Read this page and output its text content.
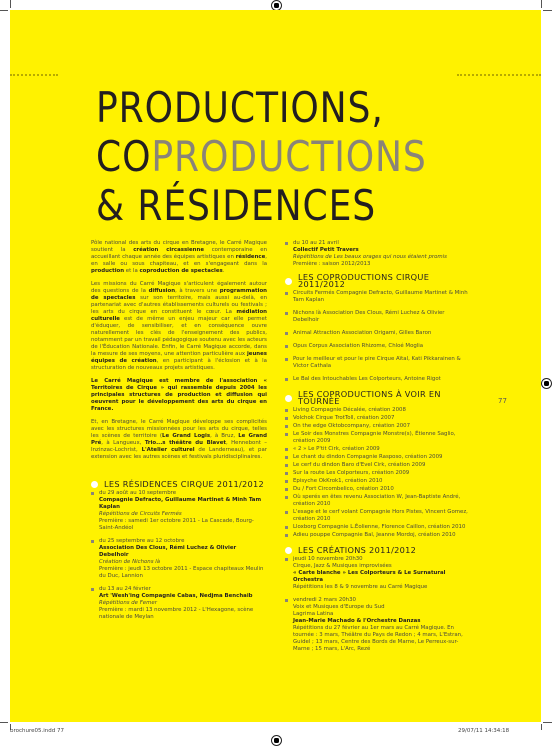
PRODUCTIONS,
COPRODUCTIONS
& RÉSIDENCES
77

Pôle national des arts du cirque en Bretagne, le Carré Magique soutient la création circassienne contemporaine en accueillant chaque année des équipes artistiques en résidence, en salle ou sous chapiteau, et en s'engageant dans la production et la coproduction de spectacles.

Les missions du Carré Magique s'articulent également autour des questions de la diffusion, à travers une programmation de spectacles sur son territoire, mais aussi au-delà, en partenariat avec d'autres établissements culturels ou festivals ; les arts du cirque en constituent le cœur. La médiation culturelle est de même un enjeu majeur car elle permet d'éduquer, de sensibiliser, et en conséquence ouvre naturellement les clés de l'enseignement des publics, notamment par un travail pédagogique soutenu avec les acteurs de l'Éducation Nationale. Enfin, le Carré Magique accorde, dans la mesure de ses moyens, une attention particulière aux jeunes équipes de création, en participant à l'éclosion et à la structuration de nouveaux projets artistiques.

Le Carré Magique est membre de l'association « Territoires de Cirque » qui rassemble depuis 2004 les principales structures de production et diffusion qui oeuvrent pour le développement des arts du cirque en France.

Et, en Bretagne, le Carré Magique développe ses complicités avec les structures missionnées pour les arts du cirque, telles les scènes de territoire (Le Grand Logis, à Bruz, Le Grand Pré, à Langueux, Trio...s théâtre du Blavet, Hennebont – Inzinzac-Lochrist, L'Atelier culturel de Landerneau), et par extension avec les autres scènes et festivals pluridisciplinaires.

LES RÉSIDENCES CIRQUE 2011/2012
du 29 août au 10 septembre
Compagnie Defracto, Guillaume Martinet & Minh Tam Kaplan
Répétitions de Circuits Fermés
Première : samedi 1er octobre 2011 - La Cascade, Bourg-Saint-Andéol
du 25 septembre au 12 octobre
Association Des Clous, Rémi Luchez & Olivier Debelhoir
Création de Nichons là
Première : jeudi 13 octobre 2011 - Espace chapiteaux Meulin du Duc, Lannion
du 13 au 24 février
Art 'Wesh'ing Compagnie Cabas, Nedjma Benchaib
Répétitions de Femer
Première : mardi 13 novembre 2012 - L'Hexagone, scène nationale de Meylan
du 10 au 21 avril
Collectif Petit Travers
Répétitions de Les beaux orages qui nous étaient promis
Première : saison 2012/2013
LES COPRODUCTIONS CIRQUE 2011/2012
Circuits Fermés Compagnie Defracto, Guillaume Martinet & Minh Tam Kaplan
Nichons là Association Des Clous, Rémi Luchez & Olivier Debelhoir
Animal Attraction Association Origami, Gilles Baron
Opus Corpus Association Rhizome, Chloé Moglia
Pour le meilleur et pour le pire Cirque Aïtal, Kati Pikkarainen & Victor Cathala
Le Bal des Intouchables Les Colporteurs, Antoine Rigot
LES COPRODUCTIONS À VOIR EN TOURNÉE
Living Compagnie Décalée, création 2008
Volchok Cirque TrotToll, création 2007
On the edge Oktobcompany, création 2007
Le Soir des Monstres Compagnie Monstre(s), Étienne Saglio, création 2009
« 2 » Le P'tit Cirk, création 2009
Le chant du dindon Compagnie Rasposo, création 2009
Le cerf du dindon Baro d'Evel Cirk, création 2009
Sur la route Les Colporteurs, création 2009
Episyche OkKrok1, création 2010
Du / Fort Circombelico, création 2010
Où sperés en êtes revenu Association W, Jean-Baptiste André, création 2010
L'esage et le cerf volant Compagnie Hors Pistes, Vincent Gomez, création 2010
Lloxborg Compagnie L.Éolienne, Florence Caillon, création 2010
Adieu pouppe Compagnie Bal, Jeanne Mordoj, création 2010
LES CRÉATIONS 2011/2012
jeudi 10 novembre 20h30
Cirque, Jazz & Musiques improvisées
« Carte blanche » Les Colporteurs & Le Surnatural Orchestra
Répétitions les 8 & 9 novembre au Carré Magique
vendredi 2 mars 20h30
Voix et Musiques d'Europe du Sud
Lagrima Latina
Jean-Marie Machado & l'Orchestre Danzas
Répétitions du 27 février au 1er mars au Carré Magique. En tournée : 3 mars, Théâtre du Pays de Redon ; 4 mars, L'Estran, Guidel ; 13 mars, Centre des Bords de Marne, Le Perreux-sur-Marne ; 15 mars, L'Arc, Rezé
brochure05.indd 77	29/07/11 14:34:18
